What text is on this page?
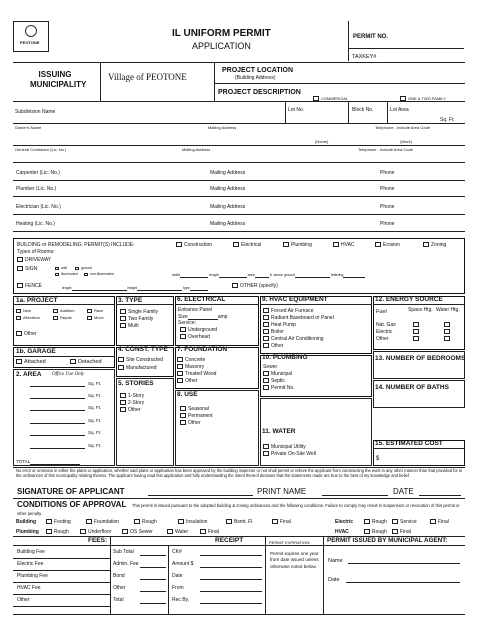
PEOTONE
IL UNIFORM PERMIT
APPLICATION
PERMIT NO.
TAXKEY#
ISSUING MUNICIPALITY
Village of PEOTONE
PROJECT LOCATION
(Building Address)
PROJECT DESCRIPTION
COMMERCIAL	ONE & TWO FAMILY
Subdivision Name	Lot No.	Block No.	Lot Area
Sq. Ft.
Owner's Name	Mailing Address	Telephone - Include Area Code
(Home)	(Work)
General Contractor (Lic. No.)	Mailing Address	Telephone - Include Area Code
Carpenter (Lic. No.)	Mailing Address	Phone
Plumber (Lic. No.)	Mailing Address	Phone
Electrician (Lic. No.)	Mailing Address	Phone
Heating (Lic. No.)	Mailing Address	Phone
BUILDING or REMODELING: PERMIT(S) INCLUDE:	Construction	Electrical	Plumbing	HVAC	Erosion	Zoning
Types of Rooms:
DRIVEWAY
SIGN	wall	ground
illuminated	non-illuminated	width	length	area	ft. above ground	lettering
FENCE	length	height	type	OTHER (specify)
1a. PROJECT
New	Addition	Raze
Alteration	Repair	Move
Other
1b. GARAGE
Attached	Detached
2. AREA Office Use Only
Sq. Ft.
Sq. Ft.
Sq. Ft.
Sq. Ft.
Sq. Ft.
Sq. Ft.
TOTAL
3. TYPE
Single Family
Two Family
Multi
4. CONST. TYPE
Site Constructed
Manufactured
5. STORIES
1-Story
2-Story
Other
6. ELECTRICAL
Entrance Panel
Size	amp
Service:
Underground
Overhead
7. FOUNDATION
Concrete
Masonry
Treated Wood
Other
8. USE
Seasonal
Permanent
Other
9. HVAC EQUIPMENT
Forced Air Furnace
Radiant Baseboard or Panel
Heat Pump
Boiler
Central Air Conditioning
Other
10. PLUMBING
Sewer
Municipal
Septic
Permit No.
11. WATER
Municipal Utility
Private On-Site Well
12. ENERGY SOURCE
Fuel	Space Htg. Water Htg.
Nat. Gas
Electric
Other
13. NUMBER OF BEDROOMS
14. NUMBER OF BATHS
15. ESTIMATED COST
$
No error or omission in either the plans or application, whether said plans or application has been approved by the building inspector or not shall permit or relieve the applicant from constructing the work in any other manner than that provided for in the ordinances of this municipality relating thereto. The applicant having read this application and fully understanding the intent thereof declares that the statements made are true to the best of my knowledge and belief.
SIGNATURE OF APPLICANT	PRINT NAME	DATE
CONDITIONS OF APPROVAL	This permit is issued pursuant to the adopted building & zoning ordinances and the following conditions. Failure to comply may result in suspension or revocation of this permit or other penalty.
Building	Footing	Foundation	Rough	Insulation	Bsmt. Fl.	Final	Electric	Rough	Service	Final
Plumbing	Rough	Underfloor	OS Sewer	Water	Final	HVAC	Rough	Final
FEES:	RECEIPT	PERMIT EXPIRATION:	PERMIT ISSUED BY MUNICIPAL AGENT:
Building Fee	Sub Total	CK#
Electric Fee	Admin. Fee	Amount $
Plumbing Fee	Bond	Date
HVAC Fee	Other	From
Other	Total	Rec By.
Permit expires one year from date issued unless otherwise noted below.
Name
Date
